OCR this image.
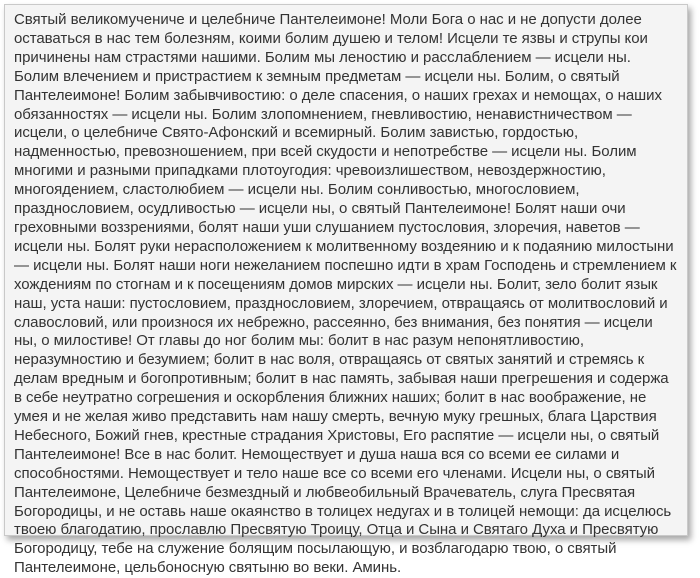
Святый великомучениче и целебниче Пантелеимоне! Моли Бога о нас и не допусти долее оставаться в нас тем болезням, коими болим душею и телом! Исцели те язвы и струпы кои причинены нам страстями нашими. Болим мы леностию и расслаблением — исцели ны. Болим влечением и пристрастием к земным предметам — исцели ны. Болим, о святый Пантелеимоне! Болим забывчивостию: о деле спасения, о наших грехах и немощах, о наших обязанностях — исцели ны. Болим злопомнением, гневливостию, ненавистничеством — исцели, о целебниче Свято-Афонский и всемирный. Болим завистью, гордостью, надменностью, превозношением, при всей скудости и непотребстве — исцели ны. Болим многими и разными припадками плотоугодия: чревоизлишеством, невоздержностию, многоядением, сластолюбием — исцели ны. Болим сонливостью, многословием, празднословием, осудливостью — исцели ны, о святый Пантелеимоне! Болят наши очи греховными воззрениями, болят наши уши слушанием пустословия, злоречия, наветов — исцели ны. Болят руки нерасположением к молитвенному воздеянию и к подаянию милостыни — исцели ны. Болят наши ноги нежеланием поспешно идти в храм Господень и стремлением к хождениям по стогнам и к посещениям домов мирских — исцели ны. Болит, зело болит язык наш, уста наши: пустословием, празднословием, злоречием, отвращаясь от молитвословий и славословий, или произнося их небрежно, рассеянно, без внимания, без понятия — исцели ны, о милостиве! От главы до ног болим мы: болит в нас разум непонятливостию, неразумностию и безумием; болит в нас воля, отвращаясь от святых занятий и стремясь к делам вредным и богопротивным; болит в нас память, забывая наши прегрешения и содержа в себе неутратно согрешения и оскорбления ближних наших; болит в нас воображение, не умея и не желая живо представить нам нашу смерть, вечную муку грешных, блага Царствия Небесного, Божий гнев, крестные страдания Христовы, Его распятие — исцели ны, о святый Пантелеимоне! Все в нас болит. Немоществует и душа наша вся со всеми ее силами и способностями. Немоществует и тело наше все со всеми его членами. Исцели ны, о святый Пантелеимоне, Целебниче безмездный и любвеобильный Врачеватель, слуга Пресвятая Богородицы, и не оставь наше окаянство в толицех недугах и в толицей немощи: да исцелюсь твоею благодатию, прославлю Пресвятую Троицу, Отца и Сына и Святаго Духа и Пресвятую Богородицу, тебе на служение болящим посылающую, и возблагодарю твою, о святый Пантелеимоне, цельбоносную святыню во веки. Аминь.
